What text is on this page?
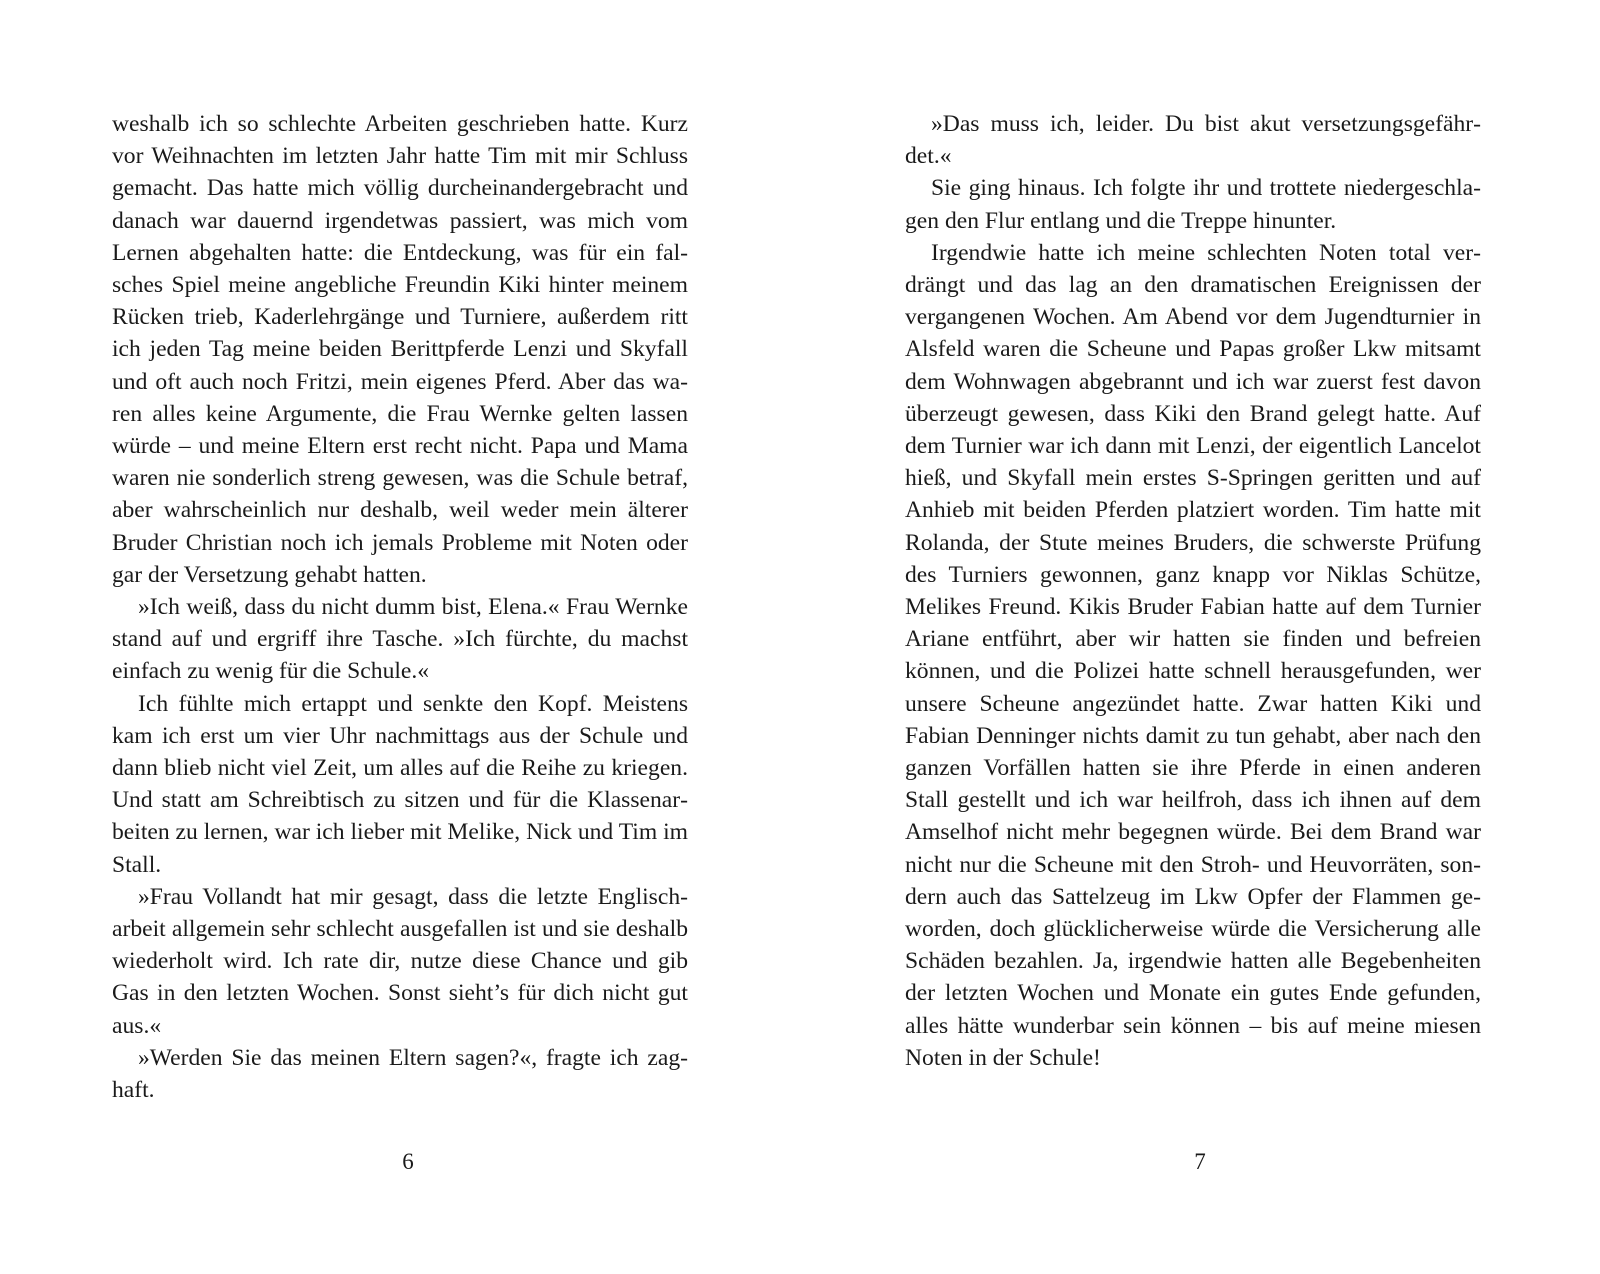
weshalb ich so schlechte Arbeiten geschrieben hatte. Kurz vor Weihnachten im letzten Jahr hatte Tim mit mir Schluss gemacht. Das hatte mich völlig durcheinandergebracht und danach war dauernd irgendetwas passiert, was mich vom Lernen abgehalten hatte: die Entdeckung, was für ein falsches Spiel meine angebliche Freundin Kiki hinter meinem Rücken trieb, Kaderlehrgänge und Turniere, außerdem ritt ich jeden Tag meine beiden Berittpferde Lenzi und Skyfall und oft auch noch Fritzi, mein eigenes Pferd. Aber das waren alles keine Argumente, die Frau Wernke gelten lassen würde – und meine Eltern erst recht nicht. Papa und Mama waren nie sonderlich streng gewesen, was die Schule betraf, aber wahrscheinlich nur deshalb, weil weder mein älterer Bruder Christian noch ich jemals Probleme mit Noten oder gar der Versetzung gehabt hatten.

»Ich weiß, dass du nicht dumm bist, Elena.« Frau Wernke stand auf und ergriff ihre Tasche. »Ich fürchte, du machst einfach zu wenig für die Schule.«

Ich fühlte mich ertappt und senkte den Kopf. Meistens kam ich erst um vier Uhr nachmittags aus der Schule und dann blieb nicht viel Zeit, um alles auf die Reihe zu kriegen. Und statt am Schreibtisch zu sitzen und für die Klassenarbeiten zu lernen, war ich lieber mit Melike, Nick und Tim im Stall.

»Frau Vollandt hat mir gesagt, dass die letzte Englischarbeit allgemein sehr schlecht ausgefallen ist und sie deshalb wiederholt wird. Ich rate dir, nutze diese Chance und gib Gas in den letzten Wochen. Sonst sieht’s für dich nicht gut aus.«

»Werden Sie das meinen Eltern sagen?«, fragte ich zaghaft.

»Das muss ich, leider. Du bist akut versetzungsgefährdet.«

Sie ging hinaus. Ich folgte ihr und trottete niedergeschlagen den Flur entlang und die Treppe hinunter.

Irgendwie hatte ich meine schlechten Noten total verdrängt und das lag an den dramatischen Ereignissen der vergangenen Wochen. Am Abend vor dem Jugendturnier in Alsfeld waren die Scheune und Papas großer Lkw mitsamt dem Wohnwagen abgebrannt und ich war zuerst fest davon überzeugt gewesen, dass Kiki den Brand gelegt hatte. Auf dem Turnier war ich dann mit Lenzi, der eigentlich Lancelot hieß, und Skyfall mein erstes S-Springen geritten und auf Anhieb mit beiden Pferden platziert worden. Tim hatte mit Rolanda, der Stute meines Bruders, die schwerste Prüfung des Turniers gewonnen, ganz knapp vor Niklas Schütze, Melikes Freund. Kikis Bruder Fabian hatte auf dem Turnier Ariane entführt, aber wir hatten sie finden und befreien können, und die Polizei hatte schnell herausgefunden, wer unsere Scheune angezündet hatte. Zwar hatten Kiki und Fabian Denninger nichts damit zu tun gehabt, aber nach den ganzen Vorfällen hatten sie ihre Pferde in einen anderen Stall gestellt und ich war heilfroh, dass ich ihnen auf dem Amselhof nicht mehr begegnen würde. Bei dem Brand war nicht nur die Scheune mit den Stroh- und Heuvorräten, sondern auch das Sattelzeug im Lkw Opfer der Flammen geworden, doch glücklicherweise würde die Versicherung alle Schäden bezahlen. Ja, irgendwie hatten alle Begebenheiten der letzten Wochen und Monate ein gutes Ende gefunden, alles hätte wunderbar sein können – bis auf meine miesen Noten in der Schule!

6	7
